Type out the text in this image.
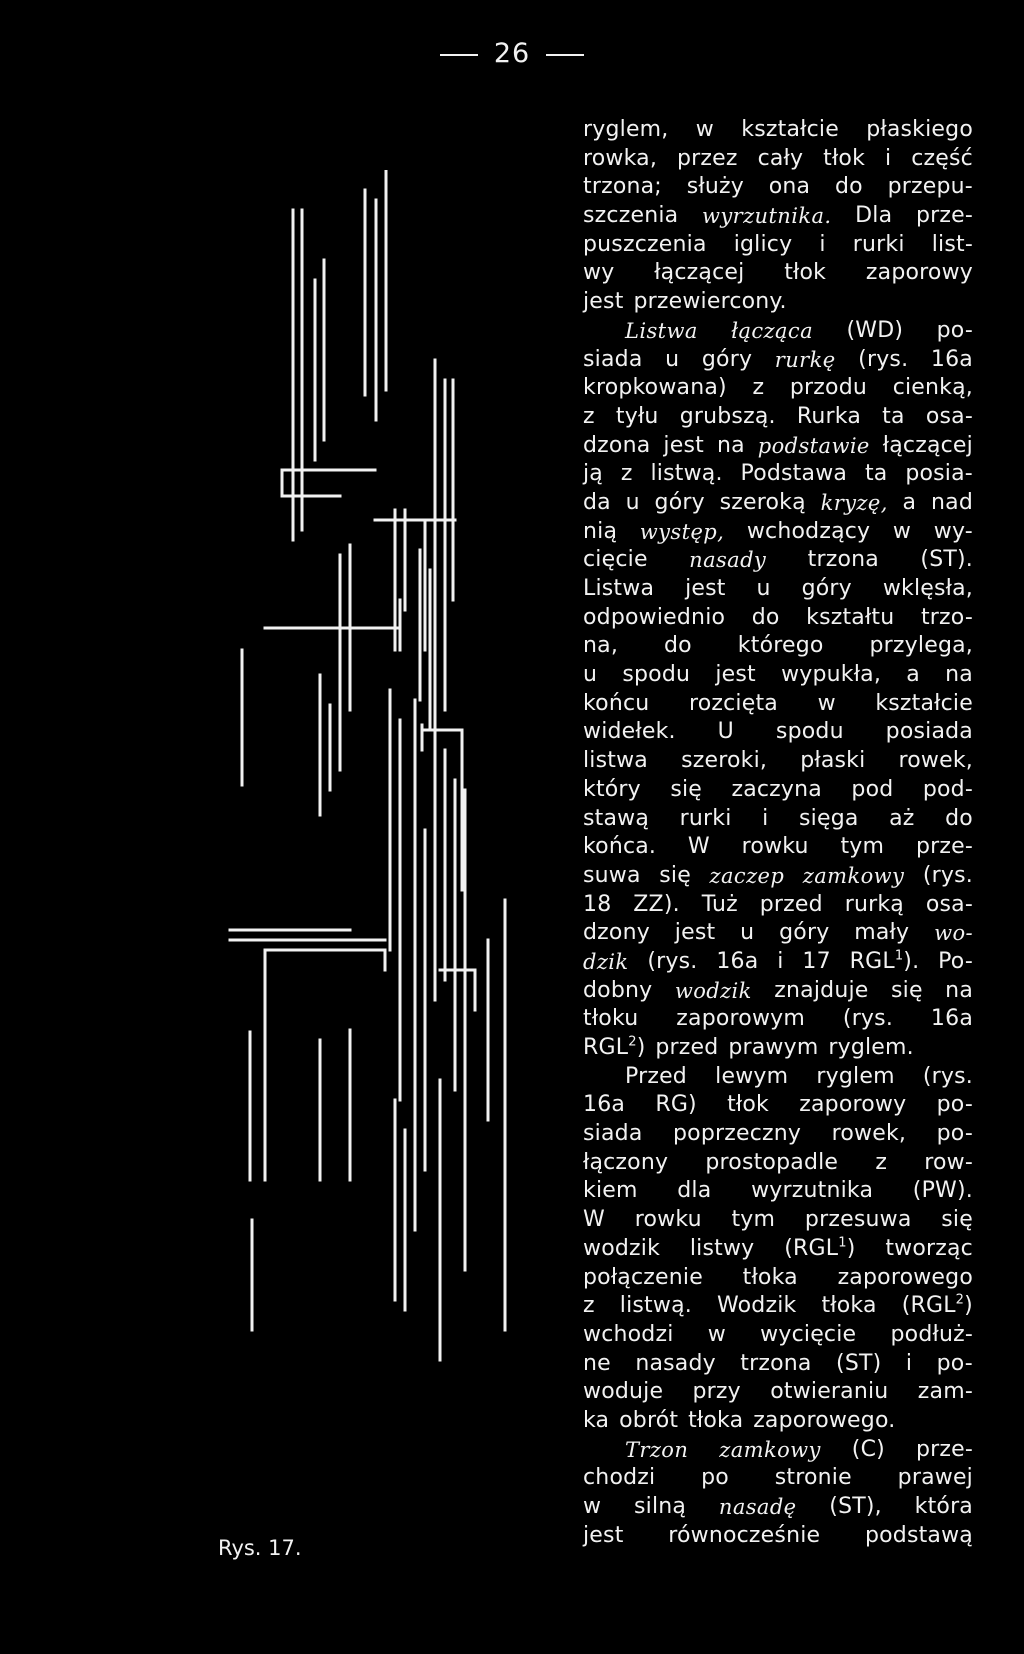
26
Rys. 17.
ryglem, w kształcie płaskiego
rowka, przez cały tłok i część
trzona; służy ona do przepu-
szczenia wyrzutnika. Dla prze-
puszczenia iglicy i rurki list-
wy łączącej tłok zaporowy
jest przewiercony.
Listwa łącząca (WD) po-
siada u góry rurkę (rys. 16a
kropkowana) z przodu cienką,
z tyłu grubszą. Rurka ta osa-
dzona jest na podstawie łączącej
ją z listwą. Podstawa ta posia-
da u góry szeroką kryzę, a nad
nią występ, wchodzący w wy-
cięcie nasady trzona (ST).
Listwa jest u góry wklęsła,
odpowiednio do kształtu trzo-
na, do którego przylega,
u spodu jest wypukła, a na
końcu rozcięta w kształcie
widełek. U spodu posiada
listwa szeroki, płaski rowek,
który się zaczyna pod pod-
stawą rurki i sięga aż do
końca. W rowku tym prze-
suwa się zaczep zamkowy (rys.
18 ZZ). Tuż przed rurką osa-
dzony jest u góry mały wo-
dzik (rys. 16a i 17 RGL$^1$). Po-
dobny wodzik znajduje się na
tłoku zaporowym (rys. 16a
RGL$^2$) przed prawym ryglem.
Przed lewym ryglem (rys.
16a RG) tłok zaporowy po-
siada poprzeczny rowek, po-
łączony prostopadle z row-
kiem dla wyrzutnika (PW).
W rowku tym przesuwa się
wodzik listwy (RGL$^1$) tworząc
połączenie tłoka zaporowego
z listwą. Wodzik tłoka (RGL$^2$)
wchodzi w wycięcie podłuż-
ne nasady trzona (ST) i po-
woduje przy otwieraniu zam-
ka obrót tłoka zaporowego.
Trzon zamkowy (C) prze-
chodzi po stronie prawej
w silną nasadę (ST), która
jest równocześnie podstawą
